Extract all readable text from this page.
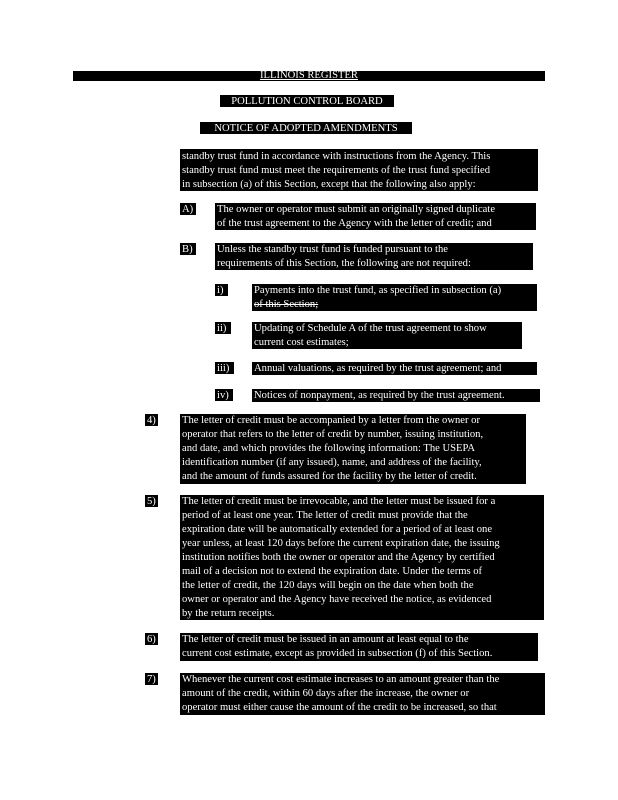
ILLINOIS REGISTER
POLLUTION CONTROL BOARD
NOTICE OF ADOPTED AMENDMENTS
standby trust fund in accordance with instructions from the Agency. This
standby trust fund must meet the requirements of the trust fund specified
in subsection (a) of this Section, except that the following also apply:
A) The owner or operator must submit an originally signed duplicate
of the trust agreement to the Agency with the letter of credit; and
B) Unless the standby trust fund is funded pursuant to the
requirements of this Section, the following are not required:
i)	Payments into the trust fund, as specified in subsection (a)
of this Section;
ii)	Updating of Schedule A of the trust agreement to show
current cost estimates;
iii) Annual valuations, as required by the trust agreement; and
iv) Notices of nonpayment, as required by the trust agreement.
4) The letter of credit must be accompanied by a letter from the owner or
operator that refers to the letter of credit by number, issuing institution,
and date, and which provides the following information: The USEPA
identification number (if any issued), name, and address of the facility,
and the amount of funds assured for the facility by the letter of credit.
5) The letter of credit must be irrevocable, and the letter must be issued for a
period of at least one year. The letter of credit must provide that the
expiration date will be automatically extended for a period of at least one
year unless, at least 120 days before the current expiration date, the issuing
institution notifies both the owner or operator and the Agency by certified
mail of a decision not to extend the expiration date. Under the terms of
the letter of credit, the 120 days will begin on the date when both the
owner or operator and the Agency have received the notice, as evidenced
by the return receipts.
6) The letter of credit must be issued in an amount at least equal to the
current cost estimate, except as provided in subsection (f) of this Section.
7) Whenever the current cost estimate increases to an amount greater than the
amount of the credit, within 60 days after the increase, the owner or
operator must either cause the amount of the credit to be increased, so that
